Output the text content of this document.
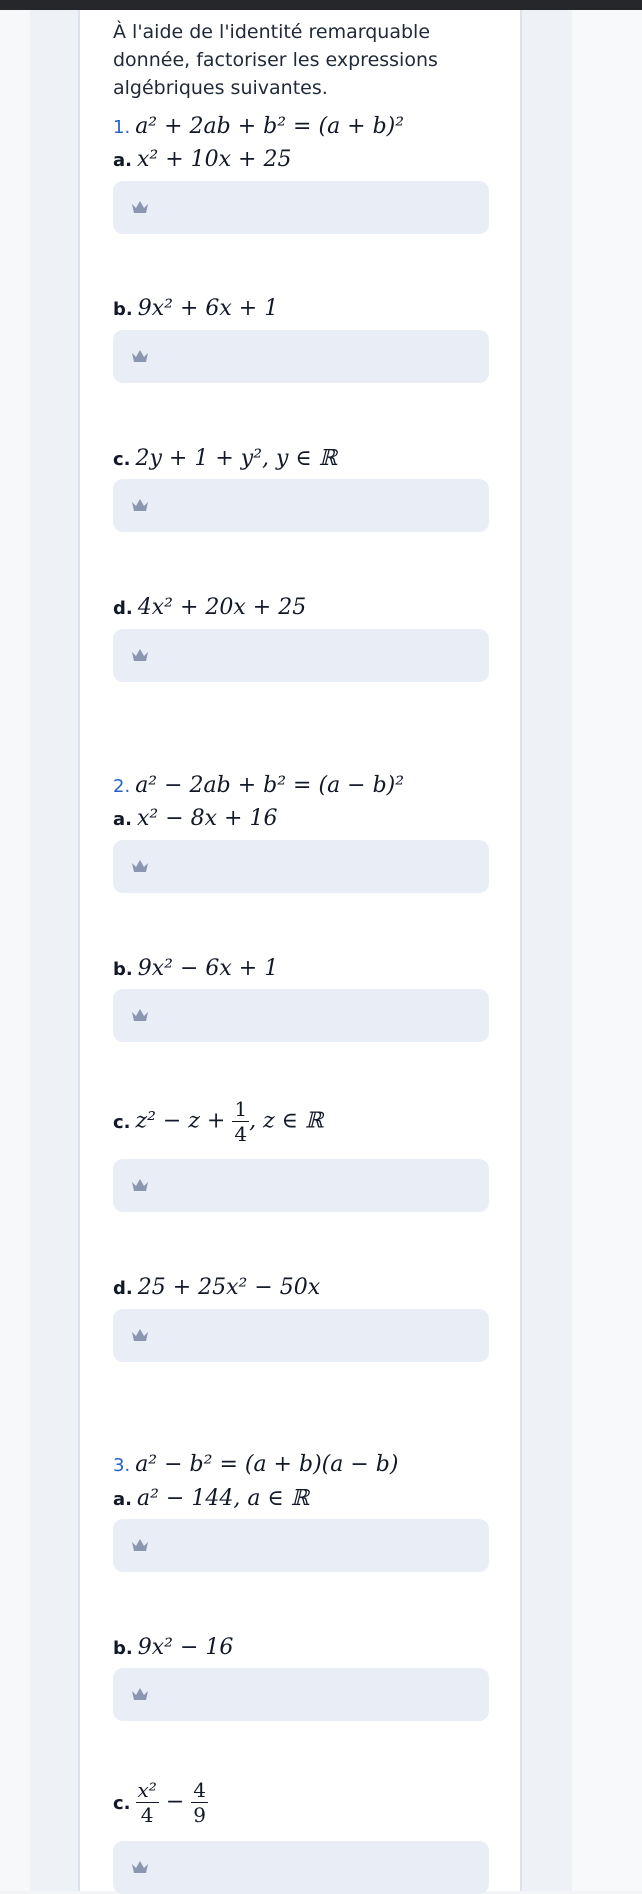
À l'aide de l'identité remarquable donnée, factoriser les expressions algébriques suivantes.
1. a² + 2ab + b² = (a + b)²
a. x² + 10x + 25
b. 9x² + 6x + 1
c. 2y + 1 + y², y ∈ ℝ
d. 4x² + 20x + 25
2. a² − 2ab + b² = (a − b)²
a. x² − 8x + 16
b. 9x² − 6x + 1
c. $z^2 - z + \frac{1}{4}$ , z ∈ ℝ
d. 25 + 25x² − 50x
3. a² − b² = (a + b)(a − b)
a. a² − 144, a ∈ ℝ
b. 9x² − 16
c. $\frac{\text{x²}}{4} - \frac{4}{9}$
